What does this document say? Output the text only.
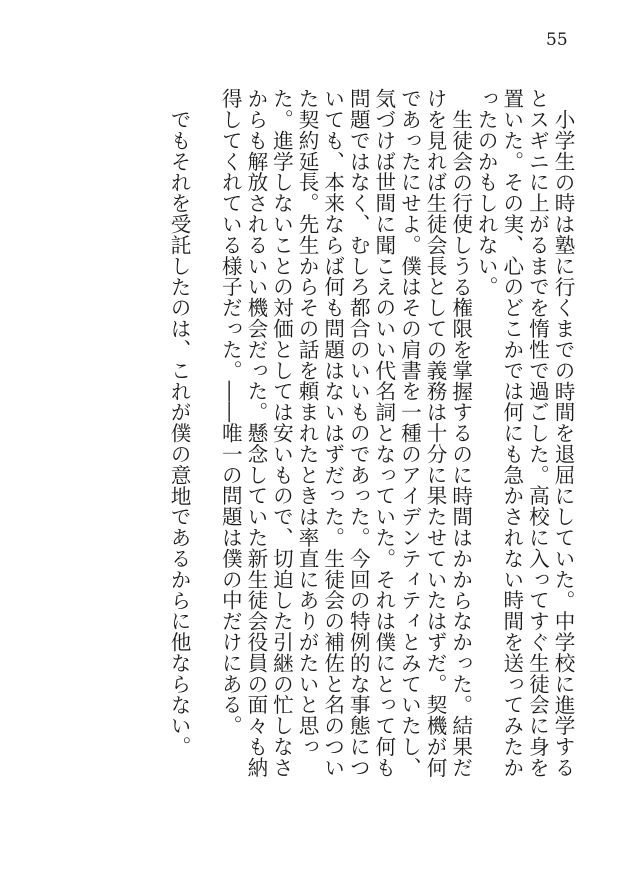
55

小学生の時は塾に行くまでの時間を退屈にしていた。中学校に進学するとスギニに上がるまでを惰性で過ごした。高校に入ってすぐ生徒会に身を置いた。その実、心のどこかでは何にも急かされない時間を送ってみたかったのかもしれない。

生徒会の行使しうる権限を掌握するのに時間はかからなかった。結果だけを見れば生徒会長としての義務は十分に果たせていたはずだ。契機が何であったにせよ。僕はその肩書を一種のアイデンティティとみていたし、気づけば世間に聞こえのいい代名詞となっていた。それは僕にとって何も問題ではなく、むしろ都合のいいものであった。今回の特例的な事態についても、本来ならば何も問題はないはずだった。生徒会の補佐と名のついた契約延長。先生からその話を頼まれたときは率直にありがたいと思った。進学しないことの対価としては安いもので、切迫した引継の忙しなさからも解放されるいい機会だった。懸念していた新生徒会役員の面々も納得してくれている様子だった。――唯一の問題は僕の中だけにある。

でもそれを受託したのは、これが僕の意地であるからに他ならない。
